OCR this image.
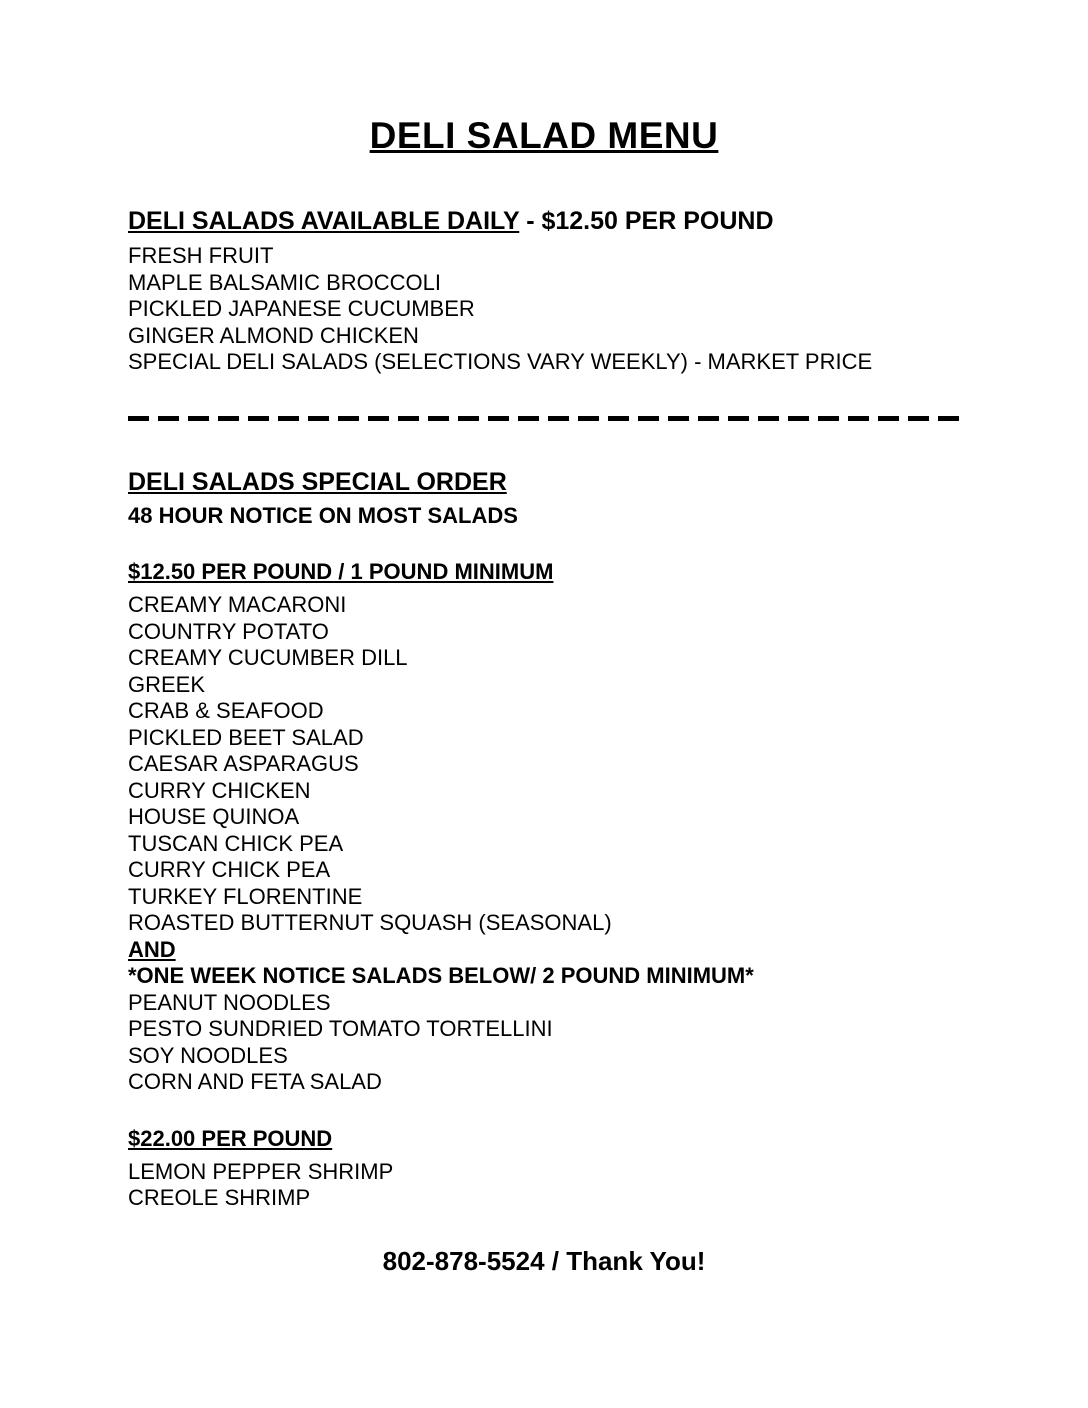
DELI SALAD MENU
DELI SALADS AVAILABLE DAILY - $12.50 PER POUND
FRESH FRUIT
MAPLE BALSAMIC BROCCOLI
PICKLED JAPANESE CUCUMBER
GINGER ALMOND CHICKEN
SPECIAL DELI SALADS (SELECTIONS VARY WEEKLY) - MARKET PRICE
DELI SALADS SPECIAL ORDER
48 HOUR NOTICE ON MOST SALADS
$12.50 PER POUND / 1 POUND MINIMUM
CREAMY MACARONI
COUNTRY POTATO
CREAMY CUCUMBER DILL
GREEK
CRAB & SEAFOOD
PICKLED BEET SALAD
CAESAR ASPARAGUS
CURRY CHICKEN
HOUSE QUINOA
TUSCAN CHICK PEA
CURRY CHICK PEA
TURKEY FLORENTINE
ROASTED BUTTERNUT SQUASH (SEASONAL)
AND
*ONE WEEK NOTICE SALADS BELOW/ 2 POUND MINIMUM*
PEANUT NOODLES
PESTO SUNDRIED TOMATO TORTELLINI
SOY NOODLES
CORN AND FETA SALAD
$22.00 PER POUND
LEMON PEPPER SHRIMP
CREOLE SHRIMP
802-878-5524 / Thank You!
